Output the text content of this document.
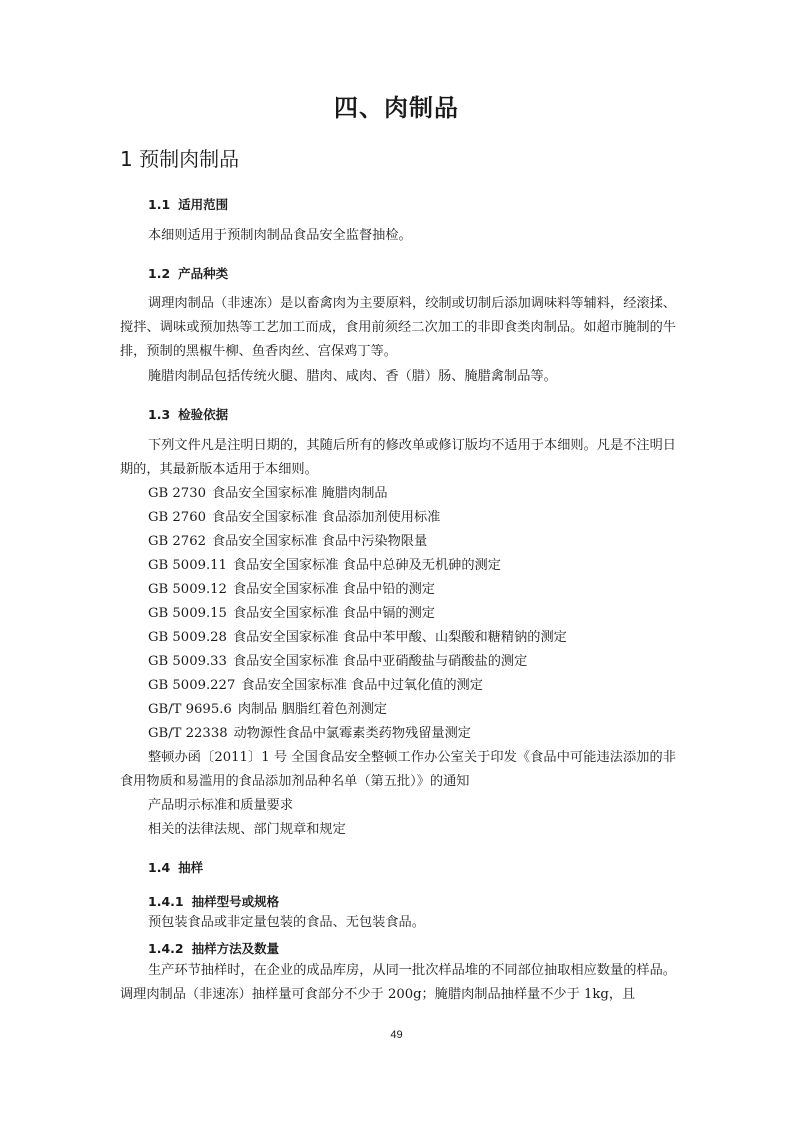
四、肉制品
1 预制肉制品
1.1 适用范围

本细则适用于预制肉制品食品安全监督抽检。

1.2 产品种类

调理肉制品（非速冻）是以畜禽肉为主要原料，绞制或切制后添加调味料等辅料，经滚揉、搅拌、调味或预加热等工艺加工而成，食用前须经二次加工的非即食类肉制品。如超市腌制的牛排，预制的黑椒牛柳、鱼香肉丝、宫保鸡丁等。

腌腊肉制品包括传统火腿、腊肉、咸肉、香（腊）肠、腌腊禽制品等。

1.3 检验依据

下列文件凡是注明日期的，其随后所有的修改单或修订版均不适用于本细则。凡是不注明日期的，其最新版本适用于本细则。

GB 2730 食品安全国家标准 腌腊肉制品
GB 2760 食品安全国家标准 食品添加剂使用标准
GB 2762 食品安全国家标准 食品中污染物限量
GB 5009.11 食品安全国家标准 食品中总砷及无机砷的测定
GB 5009.12 食品安全国家标准 食品中铅的测定
GB 5009.15 食品安全国家标准 食品中镉的测定
GB 5009.28 食品安全国家标准 食品中苯甲酸、山梨酸和糖精钠的测定
GB 5009.33 食品安全国家标准 食品中亚硝酸盐与硝酸盐的测定
GB 5009.227 食品安全国家标准 食品中过氧化值的测定
GB/T 9695.6 肉制品 胭脂红着色剂测定
GB/T 22338 动物源性食品中氯霉素类药物残留量测定

整顿办函〔2011〕1 号 全国食品安全整顿工作办公室关于印发《食品中可能违法添加的非食用物质和易滥用的食品添加剂品种名单（第五批）》的通知

产品明示标准和质量要求
相关的法律法规、部门规章和规定
1.4 抽样
1.4.1 抽样型号或规格

预包装食品或非定量包装的食品、无包装食品。

1.4.2 抽样方法及数量

生产环节抽样时，在企业的成品库房，从同一批次样品堆的不同部位抽取相应数量的样品。调理肉制品（非速冻）抽样量可食部分不少于 200g；腌腊肉制品抽样量不少于 1kg，且

49
